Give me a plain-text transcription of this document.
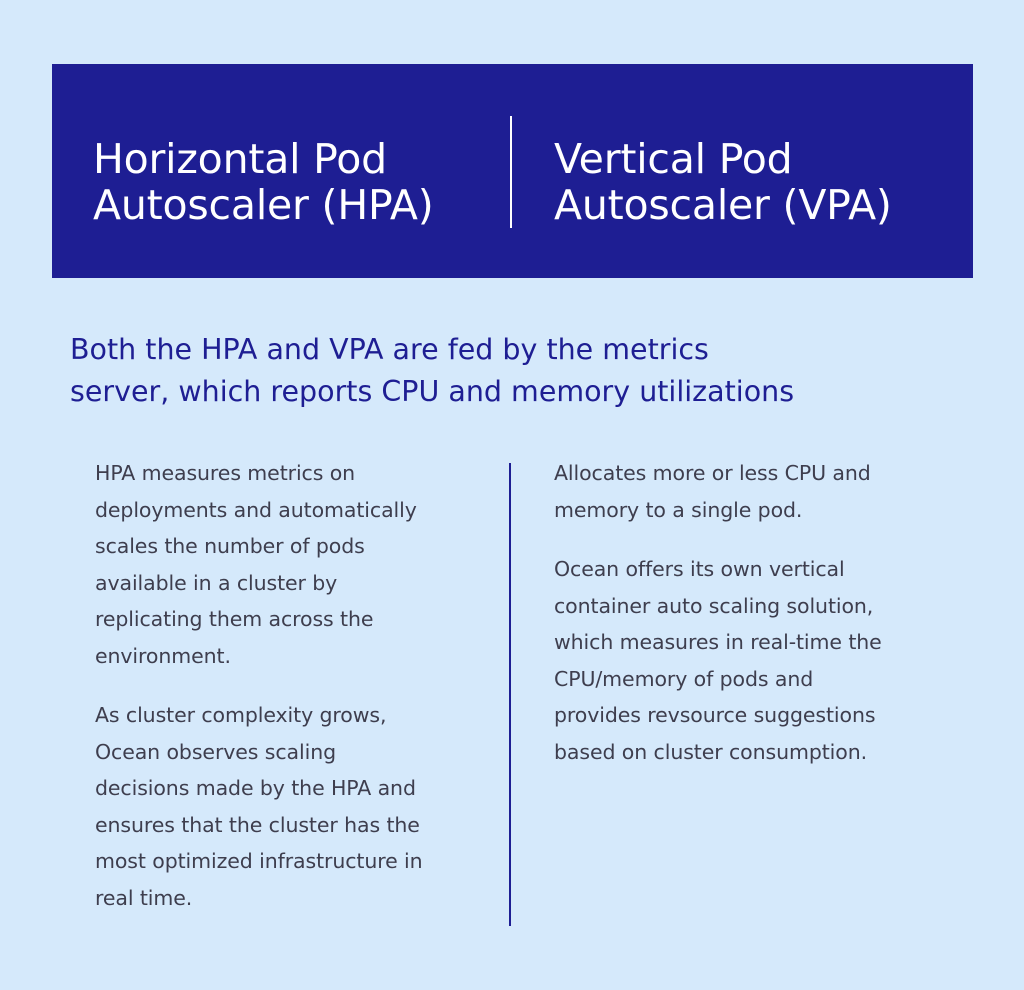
Horizontal Pod
Autoscaler (HPA)
Vertical Pod
Autoscaler (VPA)
Both the HPA and VPA are fed by the metrics
server, which reports CPU and memory utilizations
HPA measures metrics on
deployments and automatically
scales the number of pods
available in a cluster by
replicating them across the
environment.
As cluster complexity grows,
Ocean observes scaling
decisions made by the HPA and
ensures that the cluster has the
most optimized infrastructure in
real time.
Allocates more or less CPU and
memory to a single pod.
Ocean offers its own vertical
container auto scaling solution,
which measures in real-time the
CPU/memory of pods and
provides revsource suggestions
based on cluster consumption.
